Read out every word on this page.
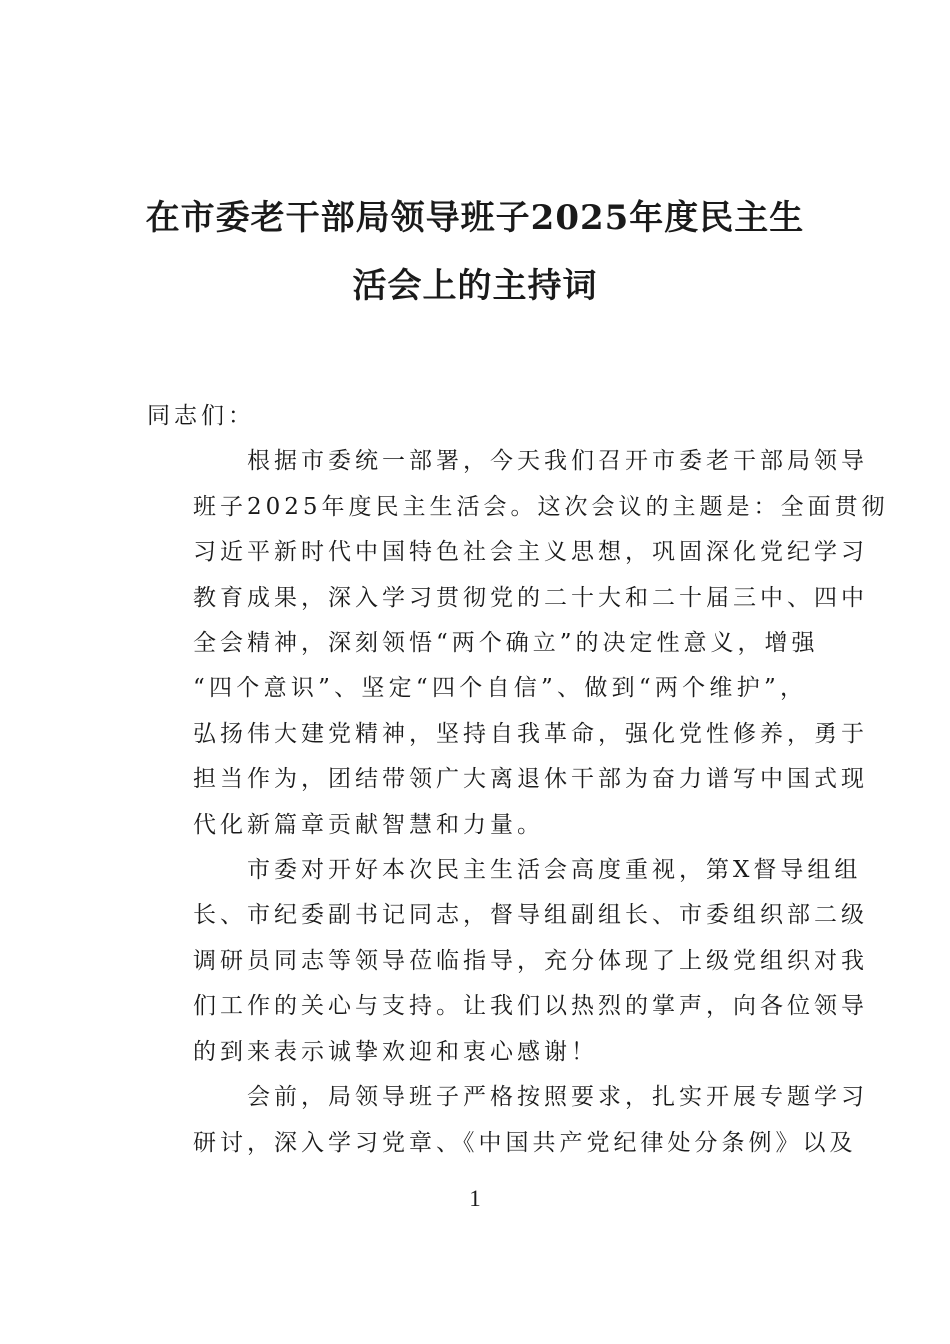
在市委老干部局领导班子2025年度民主生
活会上的主持词

同志们：

根据市委统一部署，今天我们召开市委老干部局领导
班子2025年度民主生活会。这次会议的主题是：全面贯彻
习近平新时代中国特色社会主义思想，巩固深化党纪学习
教育成果，深入学习贯彻党的二十大和二十届三中、四中
全会精神，深刻领悟“两个确立”的决定性意义，增强
“四个意识”、坚定“四个自信”、做到“两个维护”，
弘扬伟大建党精神，坚持自我革命，强化党性修养，勇于
担当作为，团结带领广大离退休干部为奋力谱写中国式现
代化新篇章贡献智慧和力量。

市委对开好本次民主生活会高度重视，第X督导组组
长、市纪委副书记同志，督导组副组长、市委组织部二级
调研员同志等领导莅临指导，充分体现了上级党组织对我
们工作的关心与支持。让我们以热烈的掌声，向各位领导
的到来表示诚挚欢迎和衷心感谢！

会前，局领导班子严格按照要求，扎实开展专题学习
研讨，深入学习党章、《中国共产党纪律处分条例》以及

1
